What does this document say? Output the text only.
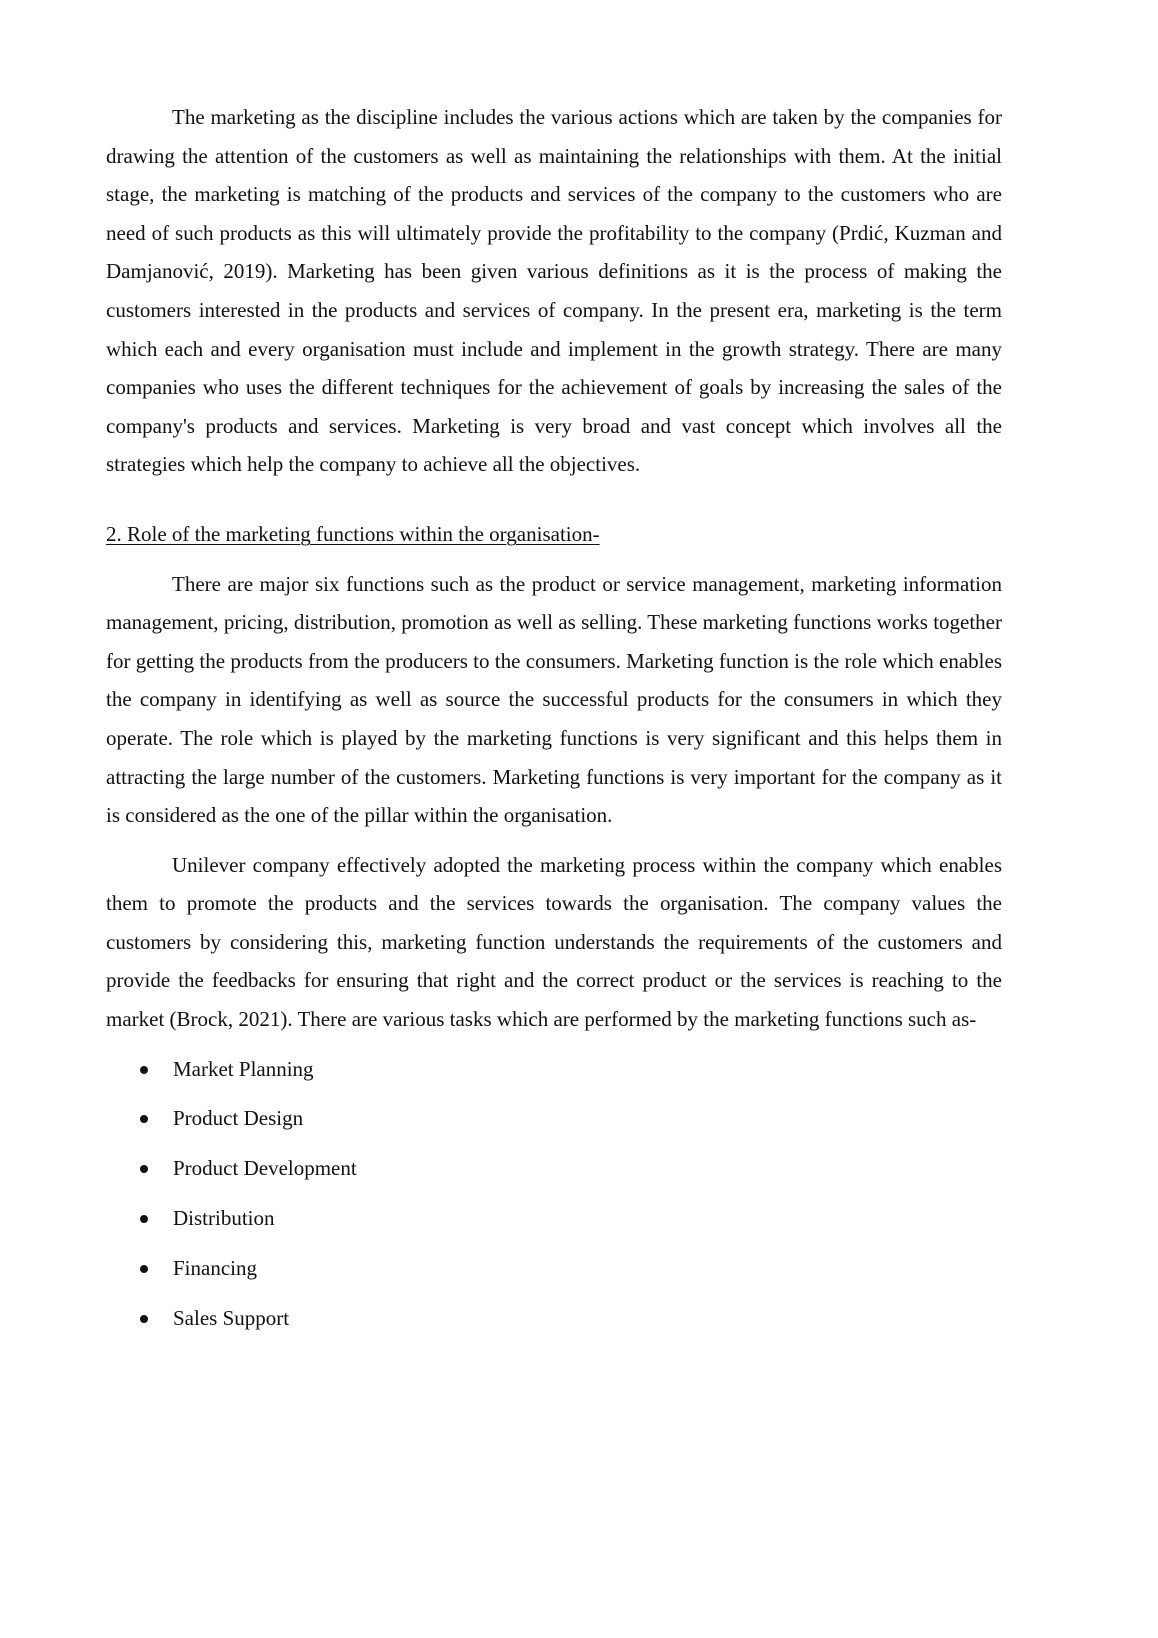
The marketing as the discipline includes the various actions which are taken by the companies for drawing the attention of the customers as well as maintaining the relationships with them. At the initial stage, the marketing is matching of the products and services of the company to the customers who are need of such products as this will ultimately provide the profitability to the company (Prdić, Kuzman and Damjanović, 2019). Marketing has been given various definitions as it is the process of making the customers interested in the products and services of company. In the present era, marketing is the term which each and every organisation must include and implement in the growth strategy. There are many companies who uses the different techniques for the achievement of goals by increasing the sales of the company's products and services. Marketing is very broad and vast concept which involves all the strategies which help the company to achieve all the objectives.

2. Role of the marketing functions within the organisation-

There are major six functions such as the product or service management, marketing information management, pricing, distribution, promotion as well as selling. These marketing functions works together for getting the products from the producers to the consumers. Marketing function is the role which enables the company in identifying as well as source the successful products for the consumers in which they operate. The role which is played by the marketing functions is very significant and this helps them in attracting the large number of the customers. Marketing functions is very important for the company as it is considered as the one of the pillar within the organisation.

Unilever company effectively adopted the marketing process within the company which enables them to promote the products and the services towards the organisation. The company values the customers by considering this, marketing function understands the requirements of the customers and provide the feedbacks for ensuring that right and the correct product or the services is reaching to the market (Brock, 2021). There are various tasks which are performed by the marketing functions such as-

Market Planning
Product Design
Product Development
Distribution
Financing
Sales Support
